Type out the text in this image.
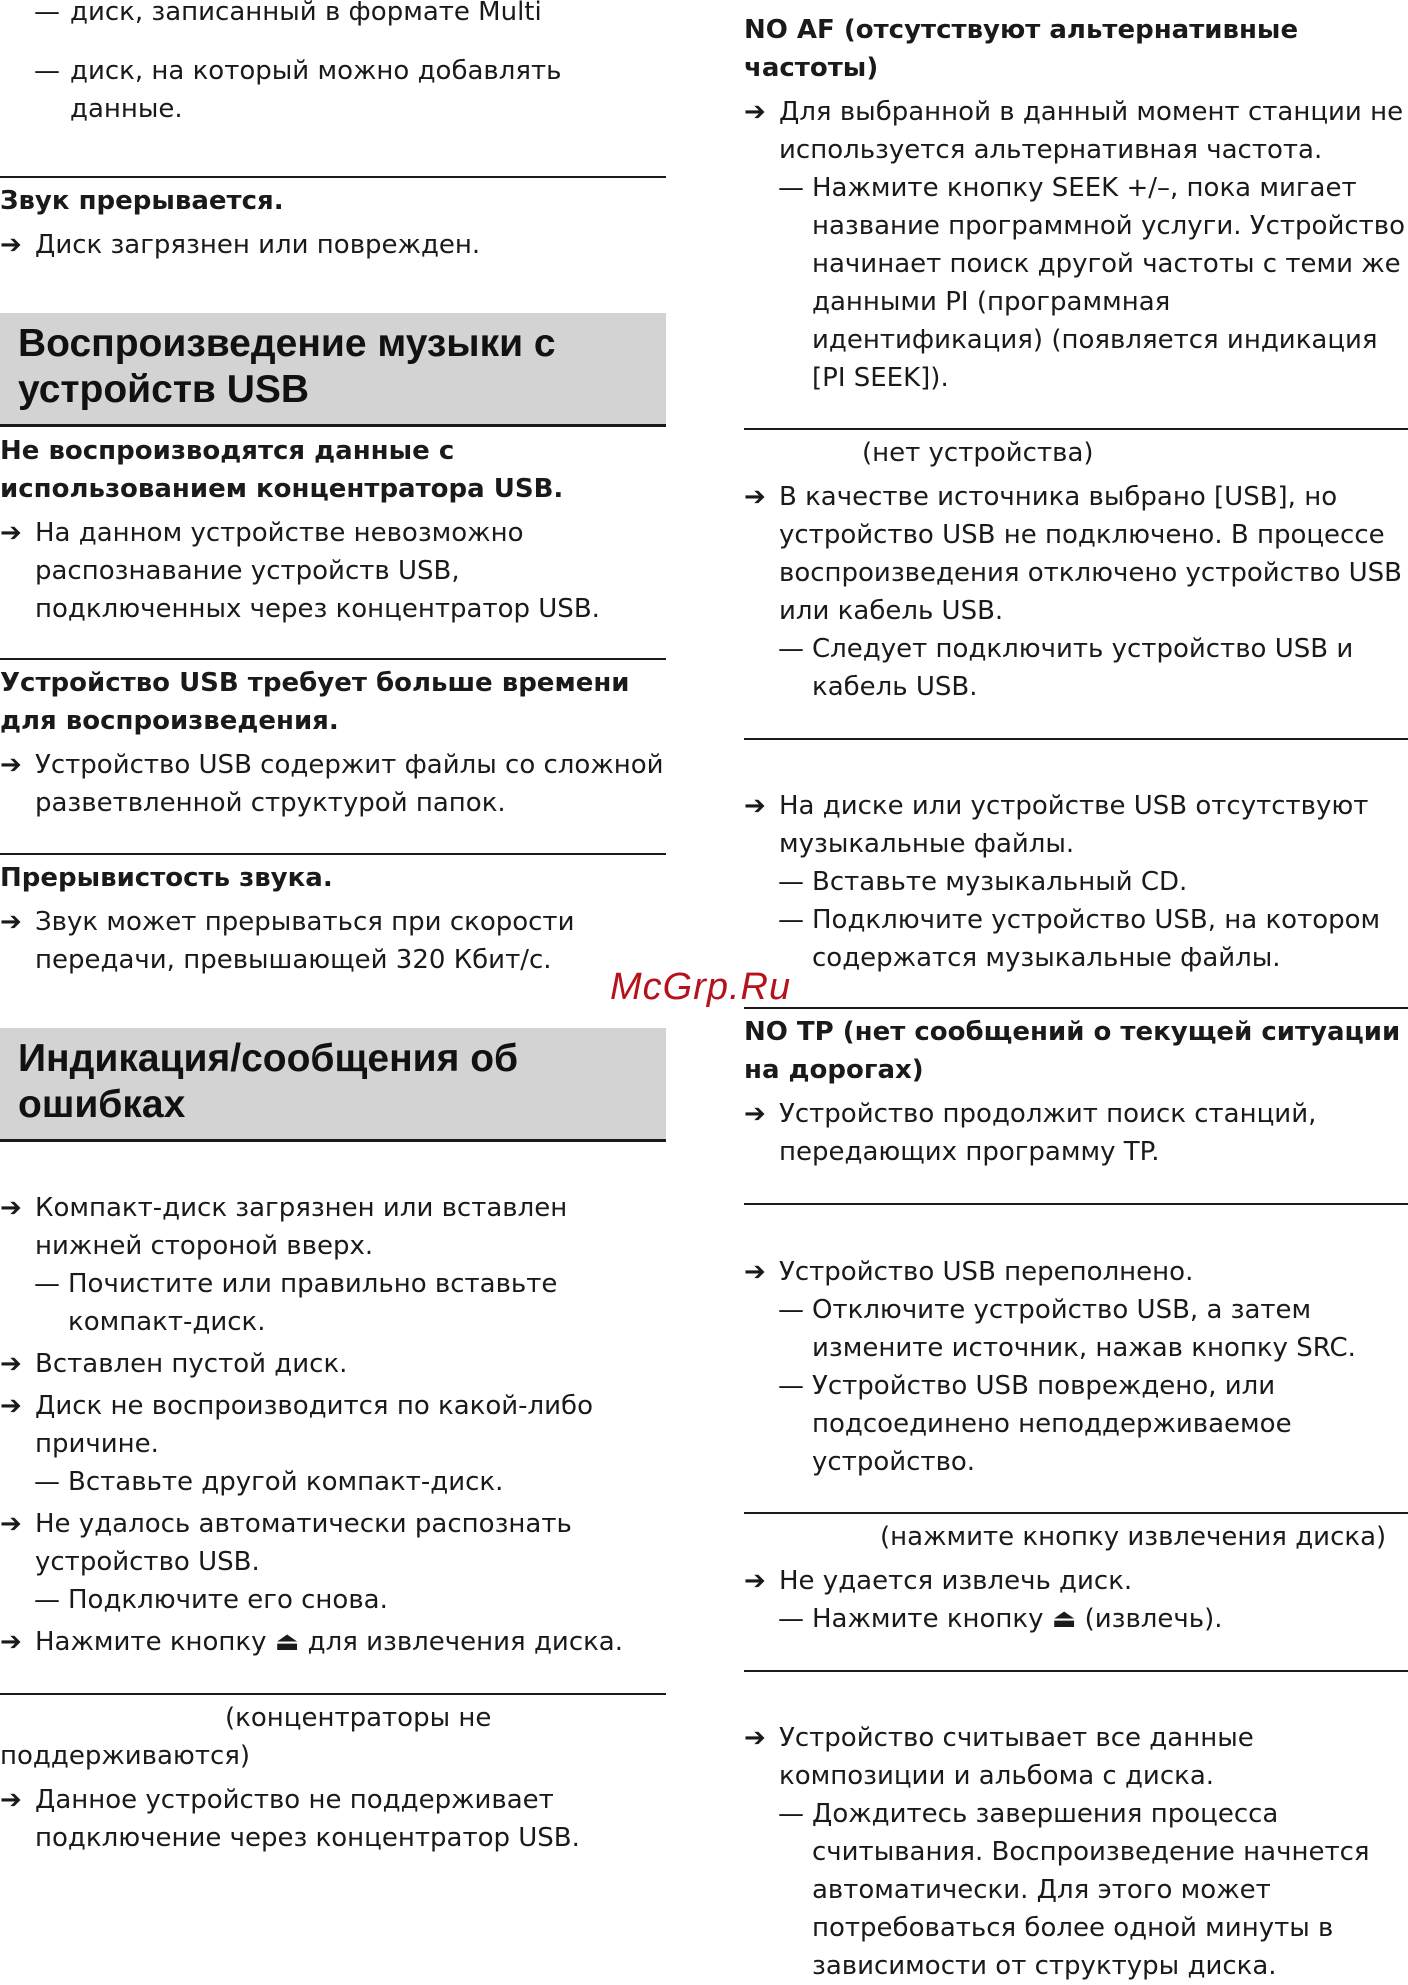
— диск, записанный в формате Multi

— диск, на который можно добавлять данные.

Звук прерывается.

➔ Диск загрязнен или поврежден.

Воспроизведение музыки с устройств USB

Не воспроизводятся данные с использованием концентратора USB.

➔ На данном устройстве невозможно распознавание устройств USB, подключенных через концентратор USB.

Устройство USB требует больше времени для воспроизведения.

➔ Устройство USB содержит файлы со сложной разветвленной структурой папок.

Прерывистость звука.

➔ Звук может прерываться при скорости передачи, превышающей 320 Кбит/с.

Индикация/сообщения об ошибках

➔ Компакт-диск загрязнен или вставлен нижней стороной вверх.

— Почистите или правильно вставьте компакт-диск.

➔ Вставлен пустой диск.

➔ Диск не воспроизводится по какой-либо причине.

— Вставьте другой компакт-диск.

➔ Не удалось автоматически распознать устройство USB.

— Подключите его снова.

➔ Нажмите кнопку ⏏ для извлечения диска.

(концентраторы не поддерживаются)

➔ Данное устройство не поддерживает подключение через концентратор USB.

NO AF (отсутствуют альтернативные частоты)

➔ Для выбранной в данный момент станции не используется альтернативная частота.

— Нажмите кнопку SEEK +/–, пока мигает название программной услуги. Устройство начинает поиск другой частоты с теми же данными PI (программная идентификация) (появляется индикация [PI SEEK]).

(нет устройства)

➔ В качестве источника выбрано [USB], но устройство USB не подключено. В процессе воспроизведения отключено устройство USB или кабель USB.

— Следует подключить устройство USB и кабель USB.

➔ На диске или устройстве USB отсутствуют музыкальные файлы.

— Вставьте музыкальный CD.

— Подключите устройство USB, на котором содержатся музыкальные файлы.

NO TP (нет сообщений о текущей ситуации на дорогах)

➔ Устройство продолжит поиск станций, передающих программу TP.

➔ Устройство USB переполнено.

— Отключите устройство USB, а затем измените источник, нажав кнопку SRC.

— Устройство USB повреждено, или подсоединено неподдерживаемое устройство.

(нажмите кнопку извлечения диска)

➔ Не удается извлечь диск.

— Нажмите кнопку ⏏ (извлечь).

➔ Устройство считывает все данные композиции и альбома с диска.

— Дождитесь завершения процесса считывания. Воспроизведение начнется автоматически. Для этого может потребоваться более одной минуты в зависимости от структуры диска.

McGrp.Ru
